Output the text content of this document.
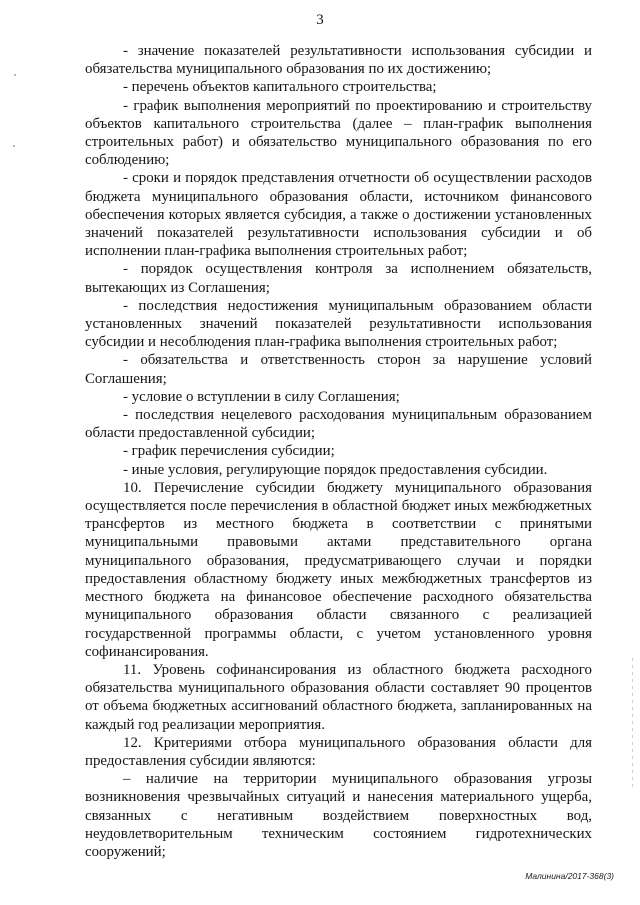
3

- значение показателей результативности использования субсидии и обязательства муниципального образования по их достижению;

- перечень объектов капитального строительства;

- график выполнения мероприятий по проектированию и строительству объектов капитального строительства (далее – план-график выполнения строительных работ) и обязательство муниципального образования по его соблюдению;

- сроки и порядок представления отчетности об осуществлении расходов бюджета муниципального образования области, источником финансового обеспечения которых является субсидия, а также о достижении установленных значений показателей результативности использования субсидии и об исполнении план-графика выполнения строительных работ;

- порядок осуществления контроля за исполнением обязательств, вытекающих из Соглашения;

- последствия недостижения муниципальным образованием области установленных значений показателей результативности использования субсидии и несоблюдения план-графика выполнения строительных работ;

- обязательства и ответственность сторон за нарушение условий Соглашения;

- условие о вступлении в силу Соглашения;

- последствия нецелевого расходования муниципальным образованием области предоставленной субсидии;

- график перечисления субсидии;

- иные условия, регулирующие порядок предоставления субсидии.

10. Перечисление субсидии бюджету муниципального образования осуществляется после перечисления в областной бюджет иных межбюджетных трансфертов из местного бюджета в соответствии с принятыми муниципальными правовыми актами представительного органа муниципального образования, предусматривающего случаи и порядки предоставления областному бюджету иных межбюджетных трансфертов из местного бюджета на финансовое обеспечение расходного обязательства муниципального образования области связанного с реализацией государственной программы области, с учетом установленного уровня софинансирования.

11. Уровень софинансирования из областного бюджета расходного обязательства муниципального образования области составляет 90 процентов от объема бюджетных ассигнований областного бюджета, запланированных на каждый год реализации мероприятия.

12. Критериями отбора муниципального образования области для предоставления субсидии являются:

– наличие на территории муниципального образования угрозы возникновения чрезвычайных ситуаций и нанесения материального ущерба, связанных с негативным воздействием поверхностных вод, неудовлетворительным техническим состоянием гидротехнических сооружений;

Малинина/2017-368(3)
